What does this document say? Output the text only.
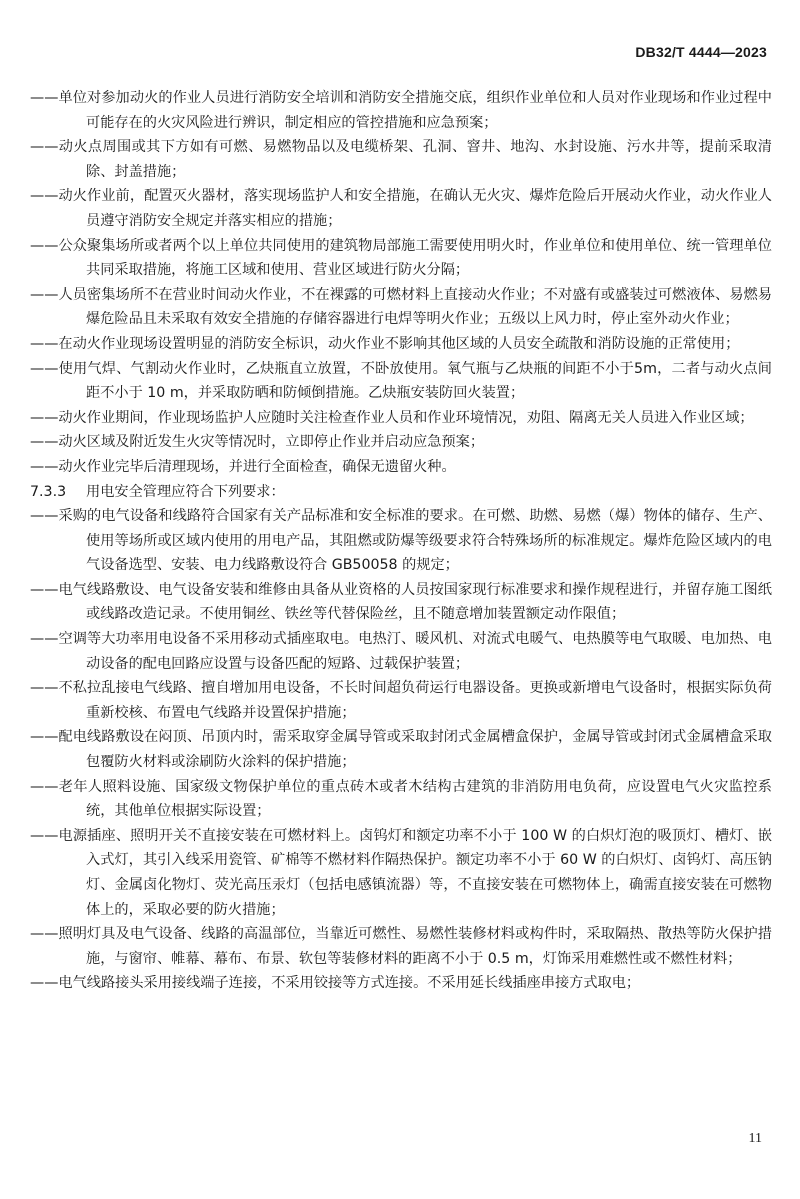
DB32/T 4444—2023

——单位对参加动火的作业人员进行消防安全培训和消防安全措施交底，组织作业单位和人员对作业现场和作业过程中可能存在的火灾风险进行辨识，制定相应的管控措施和应急预案；

——动火点周围或其下方如有可燃、易燃物品以及电缆桥架、孔洞、窨井、地沟、水封设施、污水井等，提前采取清除、封盖措施；

——动火作业前，配置灭火器材，落实现场监护人和安全措施，在确认无火灾、爆炸危险后开展动火作业，动火作业人员遵守消防安全规定并落实相应的措施；

——公众聚集场所或者两个以上单位共同使用的建筑物局部施工需要使用明火时，作业单位和使用单位、统一管理单位共同采取措施，将施工区域和使用、营业区域进行防火分隔；

——人员密集场所不在营业时间动火作业，不在裸露的可燃材料上直接动火作业；不对盛有或盛装过可燃液体、易燃易爆危险品且未采取有效安全措施的存储容器进行电焊等明火作业；五级以上风力时，停止室外动火作业；

——在动火作业现场设置明显的消防安全标识，动火作业不影响其他区域的人员安全疏散和消防设施的正常使用；

——使用气焊、气割动火作业时，乙炔瓶直立放置，不卧放使用。氧气瓶与乙炔瓶的间距不小于5m，二者与动火点间距不小于 10 m，并采取防晒和防倾倒措施。乙炔瓶安装防回火装置；

——动火作业期间，作业现场监护人应随时关注检查作业人员和作业环境情况，劝阻、隔离无关人员进入作业区域；

——动火区域及附近发生火灾等情况时，立即停止作业并启动应急预案；

——动火作业完毕后清理现场，并进行全面检查，确保无遗留火种。

7.3.3 用电安全管理应符合下列要求：

——采购的电气设备和线路符合国家有关产品标准和安全标准的要求。在可燃、助燃、易燃（爆）物体的储存、生产、使用等场所或区域内使用的用电产品，其阻燃或防爆等级要求符合特殊场所的标准规定。爆炸危险区域内的电气设备选型、安装、电力线路敷设符合 GB50058 的规定；

——电气线路敷设、电气设备安装和维修由具备从业资格的人员按国家现行标准要求和操作规程进行，并留存施工图纸或线路改造记录。不使用铜丝、铁丝等代替保险丝，且不随意增加装置额定动作限值；

——空调等大功率用电设备不采用移动式插座取电。电热汀、暖风机、对流式电暖气、电热膜等电气取暖、电加热、电动设备的配电回路应设置与设备匹配的短路、过载保护装置；

——不私拉乱接电气线路、擅自增加用电设备，不长时间超负荷运行电器设备。更换或新增电气设备时，根据实际负荷重新校核、布置电气线路并设置保护措施；

——配电线路敷设在闷顶、吊顶内时，需采取穿金属导管或采取封闭式金属槽盒保护，金属导管或封闭式金属槽盒采取包覆防火材料或涂刷防火涂料的保护措施；

——老年人照料设施、国家级文物保护单位的重点砖木或者木结构古建筑的非消防用电负荷，应设置电气火灾监控系统，其他单位根据实际设置；

——电源插座、照明开关不直接安装在可燃材料上。卤钨灯和额定功率不小于 100 W 的白炽灯泡的吸顶灯、槽灯、嵌入式灯，其引入线采用瓷管、矿棉等不燃材料作隔热保护。额定功率不小于 60 W 的白炽灯、卤钨灯、高压钠灯、金属卤化物灯、荧光高压汞灯（包括电感镇流器）等，不直接安装在可燃物体上，确需直接安装在可燃物体上的，采取必要的防火措施；

——照明灯具及电气设备、线路的高温部位，当靠近可燃性、易燃性装修材料或构件时，采取隔热、散热等防火保护措施，与窗帘、帷幕、幕布、布景、软包等装修材料的距离不小于 0.5 m，灯饰采用难燃性或不燃性材料；

——电气线路接头采用接线端子连接，不采用铰接等方式连接。不采用延长线插座串接方式取电；

11
